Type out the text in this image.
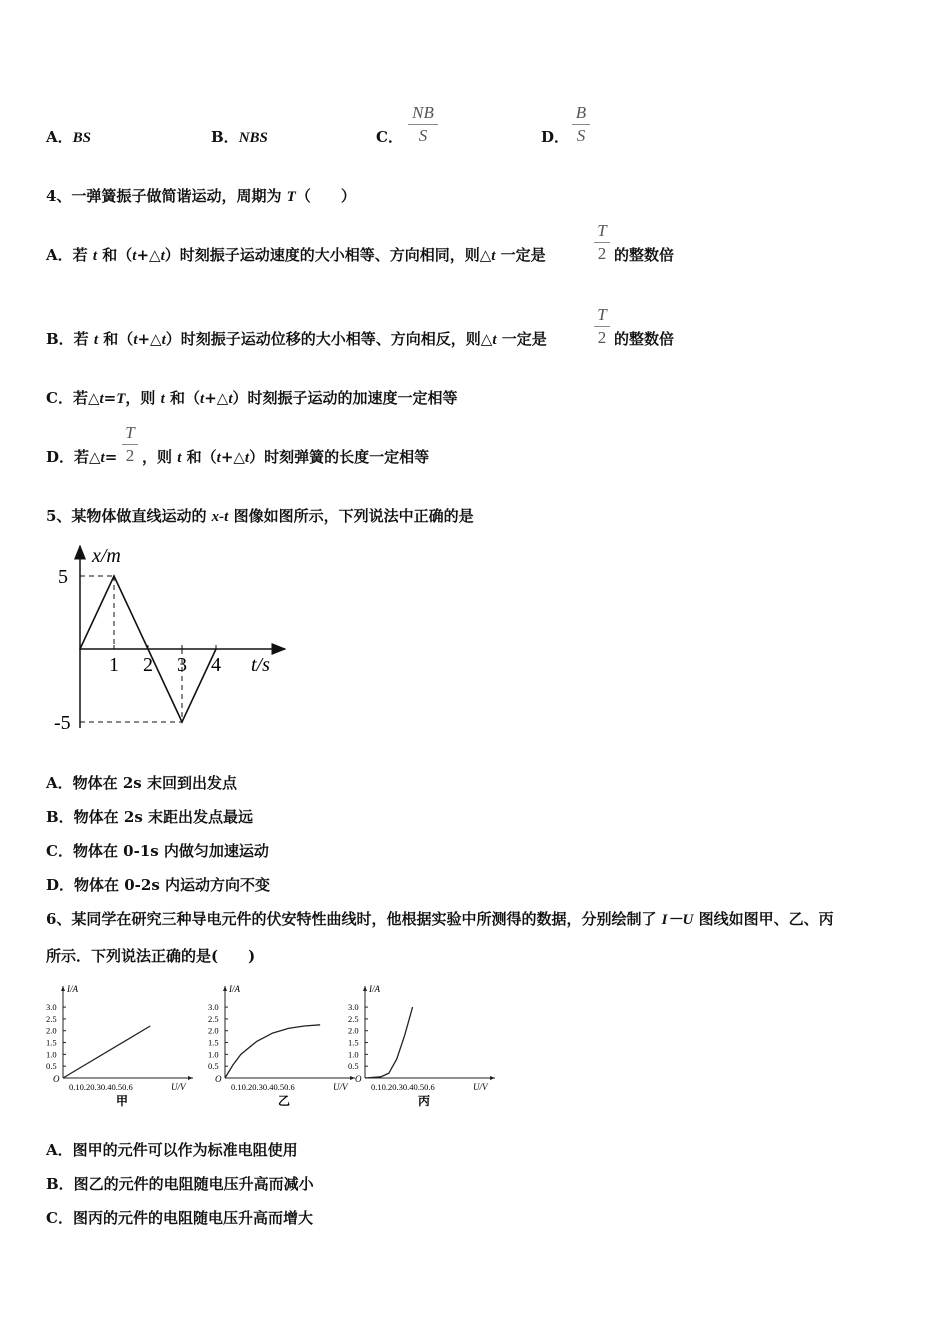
A．BS	B．NBS	C．
NB
S	D．
B
S
4、一弹簧振子做简谐运动，周期为 T（　　）
A．若 t 和（t+△t）时刻振子运动速度的大小相等、方向相同，则△t 一定是
T
2 的整数倍
B．若 t 和（t+△t）时刻振子运动位移的大小相等、方向相反，则△t 一定是
T
2 的整数倍
C．若△t=T，则 t 和（t+△t）时刻振子运动的加速度一定相等
D．若△t=
T
2 ，则 t 和（t+△t）时刻弹簧的长度一定相等
5、某物体做直线运动的 x-t 图像如图所示，下列说法中正确的是
x/m
t/s
5
-5
1 2 3 4
A．物体在 2s 末回到出发点
B．物体在 2s 末距出发点最远
C．物体在 0-1s 内做匀加速运动
D．物体在 0-2s 内运动方向不变
6、某同学在研究三种导电元件的伏安特性曲线时，他根据实验中所测得的数据，分别绘制了 I－U 图线如图甲、乙、丙
所示．下列说法正确的是(　　)
I/A
U/V
O
0.10.20.30.40.50.6
0.5
1.0
1.5
2.0
2.5
3.0
甲
I/A
U/V
O
0.10.20.30.40.50.6
0.5
1.0
1.5
2.0
2.5
3.0
乙
I/A
U/V
O
0.10.20.30.40.50.6
0.5
1.0
1.5
2.0
2.5
3.0
丙
A．图甲的元件可以作为标准电阻使用
B．图乙的元件的电阻随电压升高而减小
C．图丙的元件的电阻随电压升高而增大
